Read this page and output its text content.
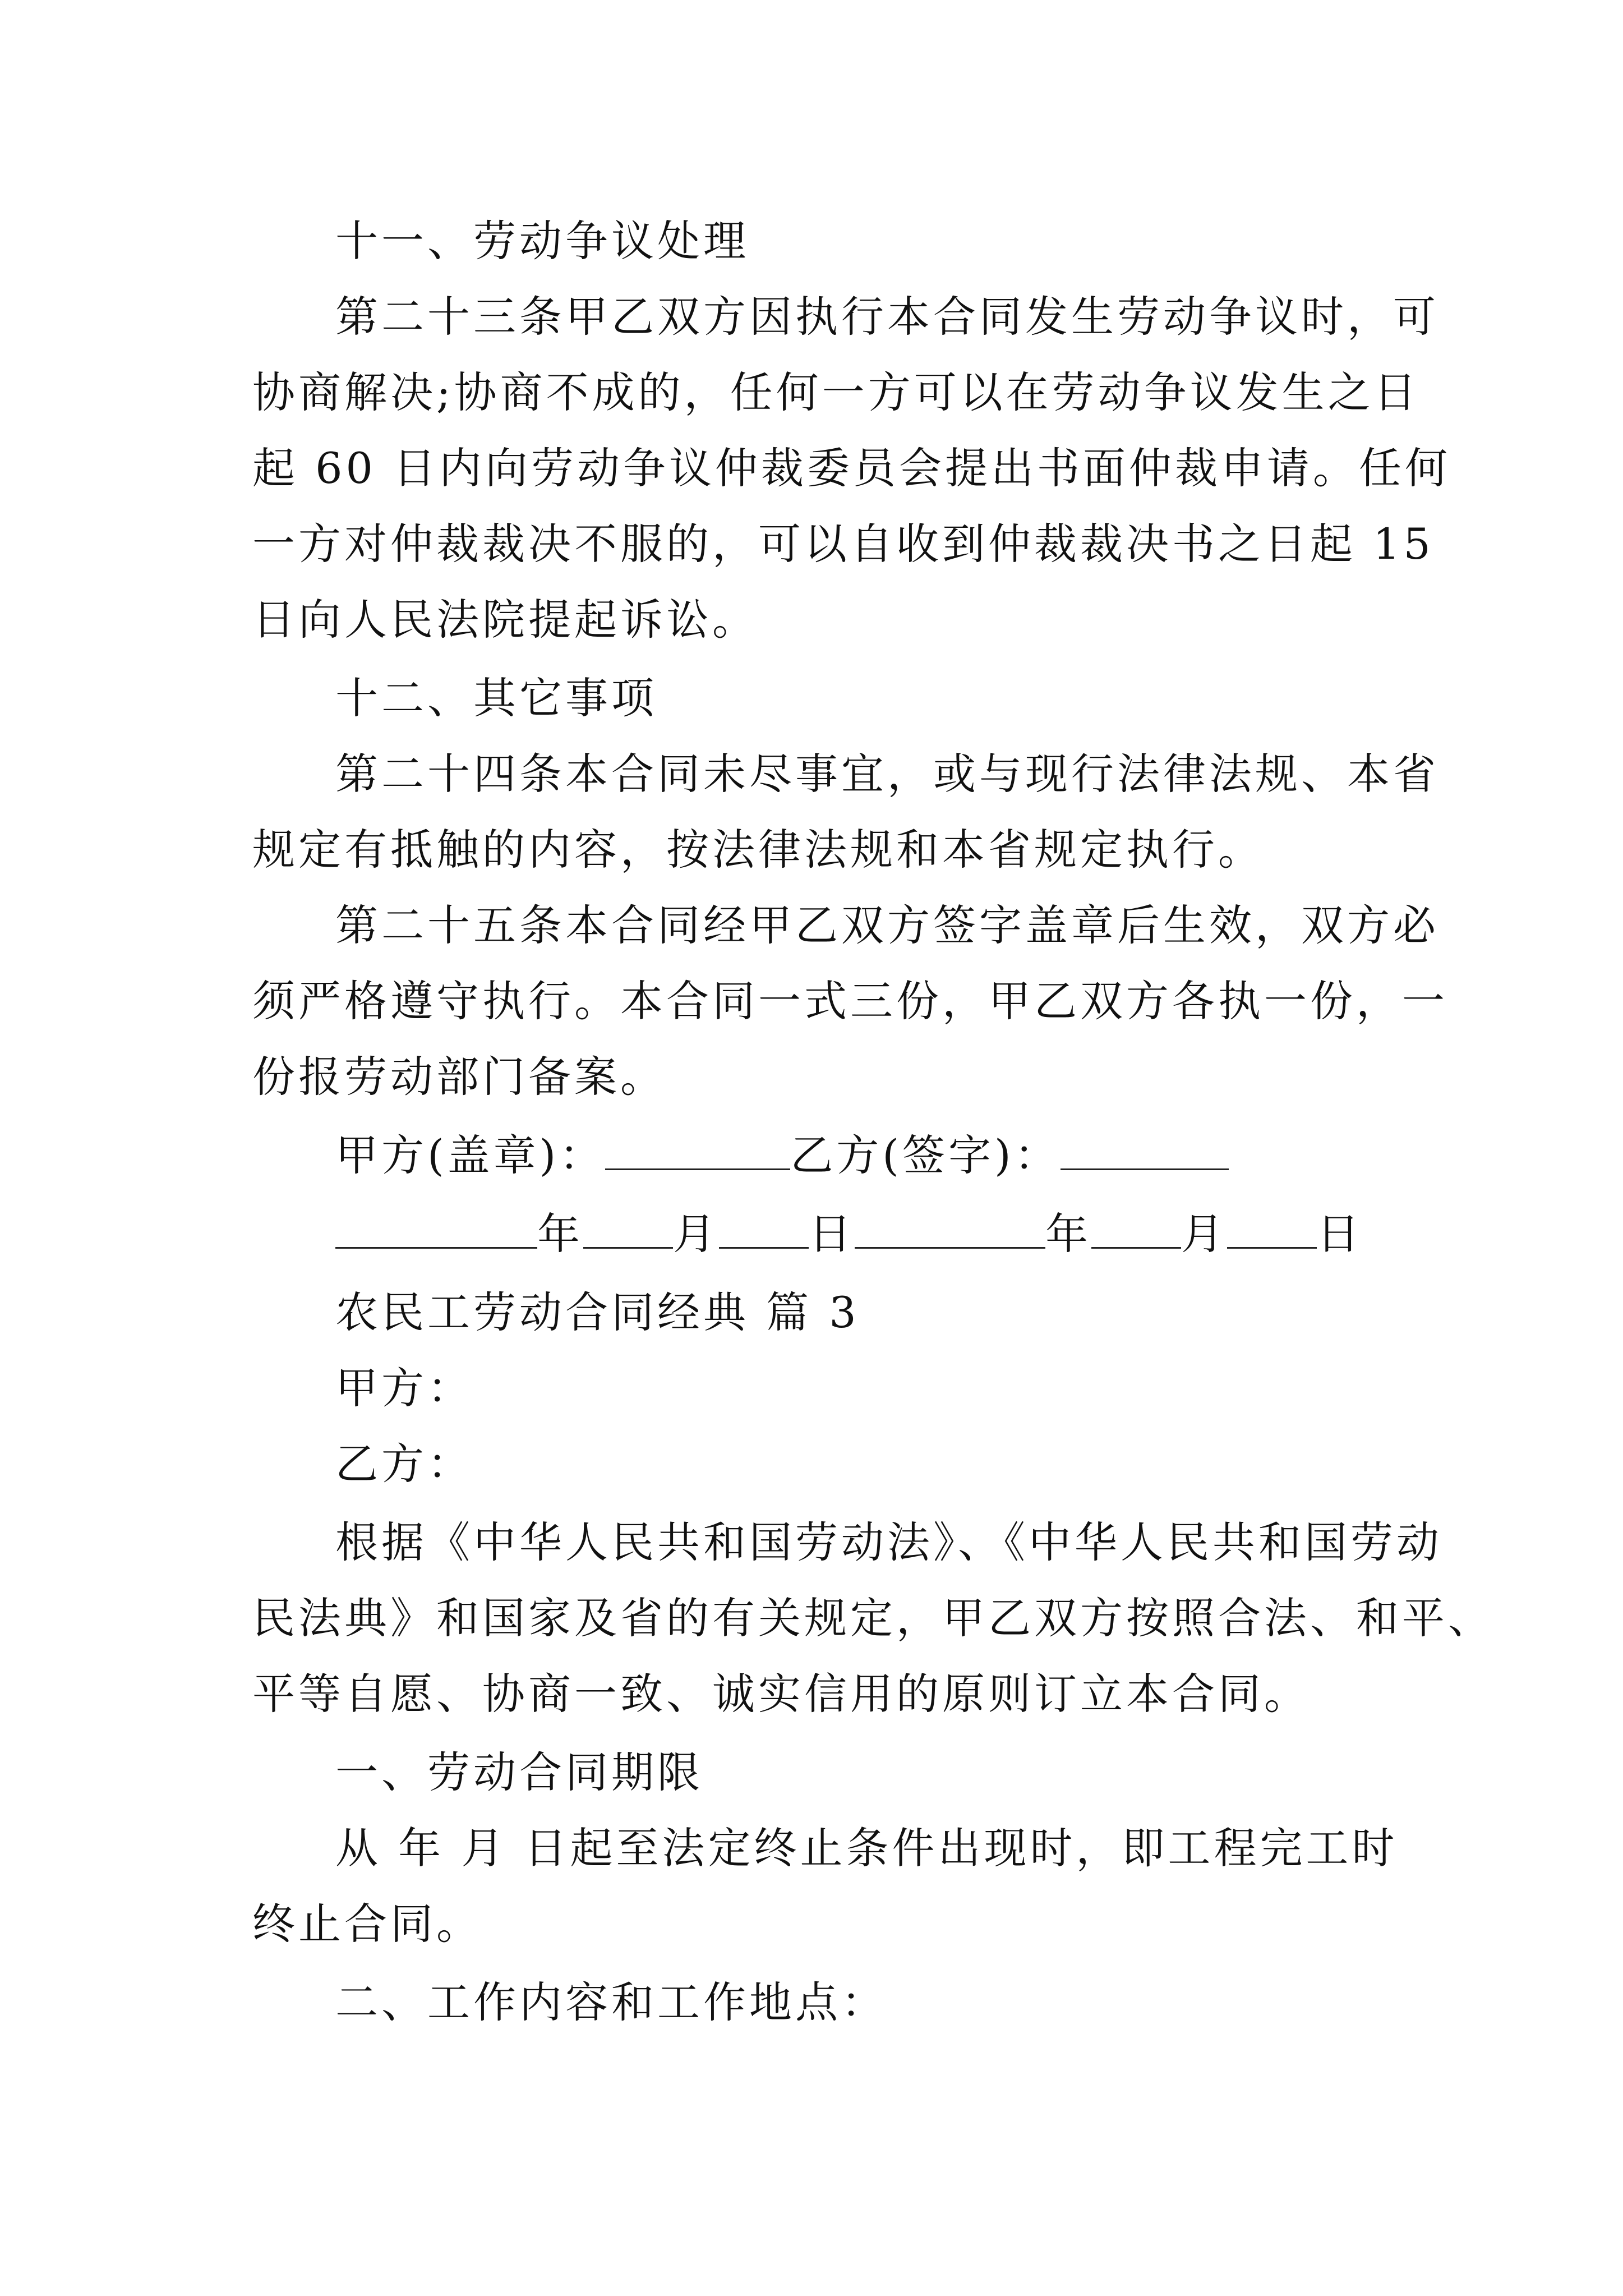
十一、劳动争议处理
第二十三条甲乙双方因执行本合同发生劳动争议时，可
协商解决;协商不成的，任何一方可以在劳动争议发生之日
起 60 日内向劳动争议仲裁委员会提出书面仲裁申请。任何
一方对仲裁裁决不服的，可以自收到仲裁裁决书之日起 15
日向人民法院提起诉讼。
十二、其它事项
第二十四条本合同未尽事宜，或与现行法律法规、本省
规定有抵触的内容，按法律法规和本省规定执行。
第二十五条本合同经甲乙双方签字盖章后生效，双方必
须严格遵守执行。本合同一式三份，甲乙双方各执一份，一
份报劳动部门备案。
甲方(盖章)：	乙方(签字)：
年 月 日	年 月 日
农民工劳动合同经典 篇 3
甲方：
乙方：
根据《中华人民共和国劳动法》、《中华人民共和国劳动
民法典》和国家及省的有关规定，甲乙双方按照合法、和平、
平等自愿、协商一致、诚实信用的原则订立本合同。
一、劳动合同期限
从 年 月 日起至法定终止条件出现时，即工程完工时
终止合同。
二、工作内容和工作地点：
